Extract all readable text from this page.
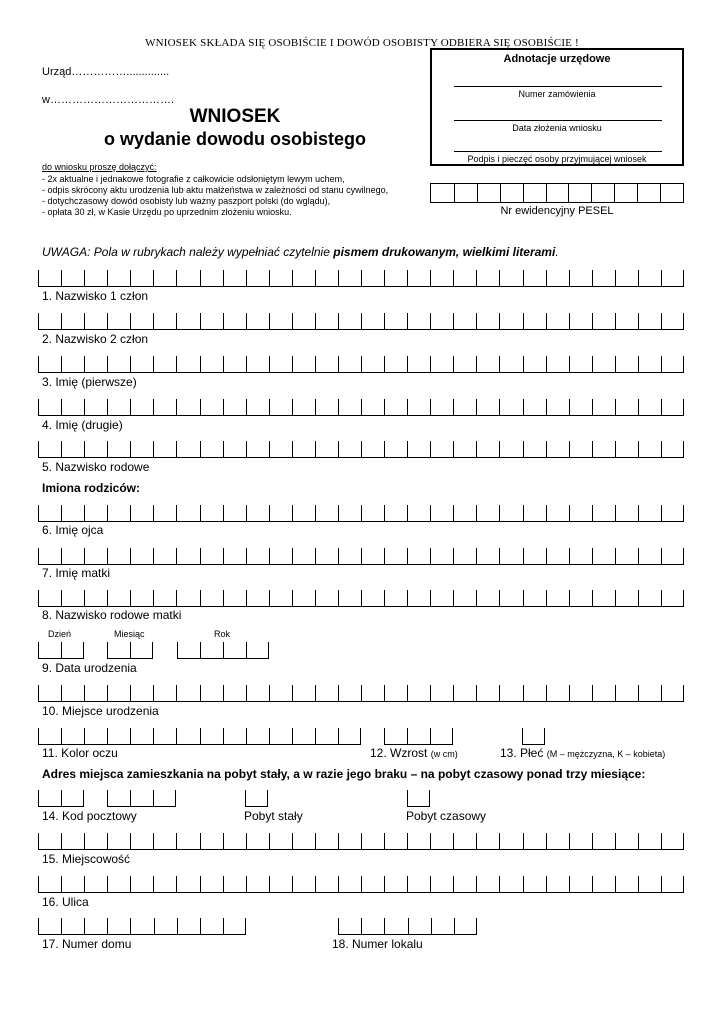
WNIOSEK SKŁADA SIĘ OSOBIŚCIE I DOWÓD OSOBISTY ODBIERA SIĘ OSOBIŚCIE !
Urząd……………..............
w…………………………….
WNIOSEK
o wydanie dowodu osobistego
do wniosku proszę dołączyć:
- 2x aktualne i jednakowe fotografie z całkowicie odsłoniętym lewym uchem,
- odpis skrócony aktu urodzenia lub aktu małżeństwa w zależności od stanu cywilnego,
- dotychczasowy dowód osobisty lub ważny paszport polski (do wglądu),
- opłata 30 zł, w Kasie Urzędu po uprzednim złożeniu wniosku.
Adnotacje urzędowe
Numer zamówienia
Data złożenia wniosku
Podpis i pieczęć osoby przyjmującej wniosek
Nr ewidencyjny PESEL
UWAGA: Pola w rubrykach należy wypełniać czytelnie pismem drukowanym, wielkimi literami.
1. Nazwisko 1 człon
2. Nazwisko 2 człon
3. Imię (pierwsze)
4. Imię (drugie)
5. Nazwisko rodowe
Imiona rodziców:
6. Imię ojca
7. Imię matki
8. Nazwisko rodowe matki
Dzień	Miesiąc	Rok
9. Data urodzenia
10. Miejsce urodzenia
11. Kolor oczu	12. Wzrost (w cm)	13. Płeć (M – mężczyzna, K – kobieta)
Adres miejsca zamieszkania na pobyt stały, a w razie jego braku – na pobyt czasowy ponad trzy miesiące:
14. Kod pocztowy	Pobyt stały	Pobyt czasowy
15. Miejscowość
16. Ulica
17. Numer domu	18. Numer lokalu
